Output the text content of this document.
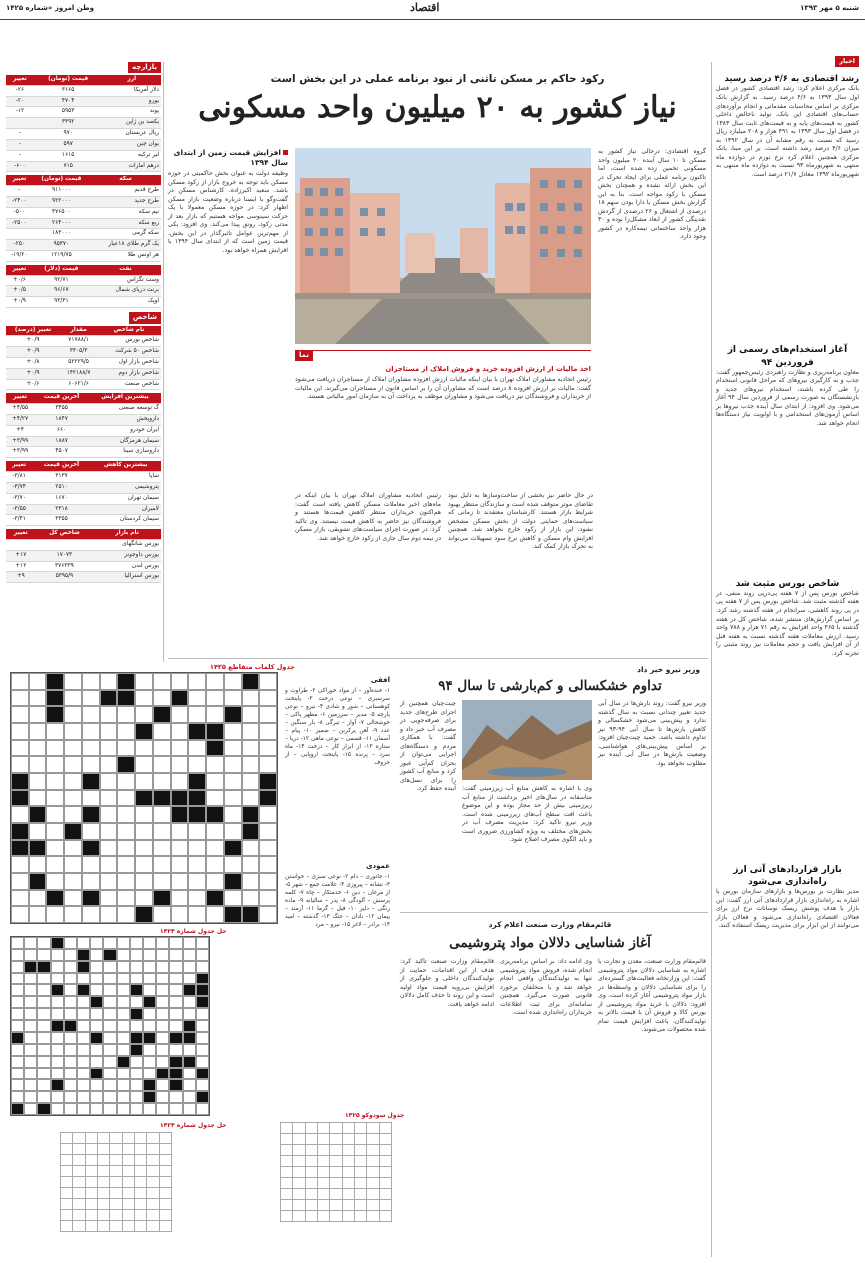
شنبه ۵ مهر ۱۳۹۳
اقتصاد
وطن امروز «شماره ۱۴۲۵
اخبار
رشد اقتصادی به ۴/۶ درصد رسید
بانک مرکزی اعلام کرد: رشد اقتصادی کشور در فصل اول سال ۱۳۹۳ به ۴/۶ درصد رسید. به گزارش بانک مرکزی بر اساس محاسبات مقدماتی و انجام برآوردهای حساب‌های اقتصادی این بانک، تولید ناخالص داخلی کشور به قیمت‌های پایه و به قیمت‌های ثابت سال ۱۳۸۳ در فصل اول سال ۱۳۹۳ به ۴۹۱ هزار و ۲۰۸ میلیارد ریال رسید که نسبت به رقم مشابه آن در سال ۱۳۹۲ به میزان ۴/۶ درصد رشد داشته است. بر این مبنا، بانک مرکزی همچنین اعلام کرد نرخ تورم در دوازده ماه منتهی به شهریورماه ۹۳ نسبت به دوازده ماه منتهی به شهریورماه ۱۳۹۲ معادل ۲۱/۷ درصد است.
آغاز استخدام‌های رسمی از فروردین ۹۴
معاون برنامه‌ریزی و نظارت راهبردی رئیس‌جمهور گفت: جذب و به کارگیری نیروهای که مراحل قانونی استخدام را طی کرده باشند، استخدام نیروهای جدید و بازنشستگان به صورت رسمی از فروردین سال ۹۴ آغاز می‌شود. وی افزود: از ابتدای سال آینده جذب نیروها بر اساس آزمون‌های استخدامی و با اولویت نیاز دستگاه‌ها انجام خواهد شد.
شاخص بورس مثبت شد
شاخص بورس پس از ۷ هفته پی‌درپی روند منفی، در هفته گذشته مثبت شد. شاخص بورس پس از ۷ هفته پی در پی روند کاهشی، سرانجام در هفته گذشته رشد کرد. بر اساس گزارش‌های منتشر شده، شاخص کل در هفته گذشته با ۴۶۵ واحد افزایش به رقم ۷۱ هزار و ۷۸۸ واحد رسید. ارزش معاملات هفته گذشته نسبت به هفته قبل از آن افزایش یافت و حجم معاملات نیز روند مثبتی را تجربه کرد.
بازار قراردادهای آتی ارز راه‌اندازی می‌شود
مدیر نظارت بر بورس‌ها و بازارهای سازمان بورس با اشاره به راه‌اندازی بازار قراردادهای آتی ارز گفت: این بازار با هدف پوشش ریسک نوسانات نرخ ارز برای فعالان اقتصادی راه‌اندازی می‌شود و فعالان بازار می‌توانند از این ابزار برای مدیریت ریسک استفاده کنند.
رکود حاکم بر مسکن تاثنی از نبود برنامه عملی در این بخش است
نیاز کشور به ۲۰ میلیون واحد مسکونی
گروه اقتصادی: درحالی نیاز کشور به مسکن تا ۱۰ سال آینده ۲۰ میلیون واحد مسکونی تخمین زده شده است، اما تاکنون برنامه عملی برای ایجاد تحرک در این بخش ارائه نشده و همچنان بخش مسکن با رکود مواجه است. بنا به این گزارش بخش مسکن با دارا بودن سهم ۱۸ درصدی از اشتغال و ۲۶ درصدی از گردش نقدینگی کشور از ابعاد مشکل‌زا بوده و ۳۰ هزار واحد ساختمانی نیمه‌کاره در کشور وجود دارد.
افزایش قیمت زمین از ابتدای سال ۱۳۹۴
وظیفه دولت به عنوان بخش حاکمیتی در حوزه مسکن باید توجه به خروج بازار از رکود مسکن باشد. سعید اکبرزاده، کارشناس مسکن در گفت‌وگو با ایسنا درباره وضعیت بازار مسکن اظهار کرد: در حوزه مسکن معمولا با یک حرکت سینوسی مواجه هستیم که بازار بعد از مدتی رکود، رونق پیدا می‌کند. وی افزود: یکی از مهم‌ترین عوامل تاثیرگذار در این بخش، قیمت زمین است که از ابتدای سال ۱۳۹۴ با افزایش همراه خواهد بود.
نما
اخذ مالیات از ارزش افزوده خرید و فروش املاک از مستاجران
رئیس اتحادیه مشاوران املاک تهران با بیان اینکه مالیات ارزش افزوده مشاوران املاک از مستاجران دریافت می‌شود گفت: مالیات بر ارزش افزوده ۸ درصد است که مشاوران آن را بر اساس قانون از مستاجران می‌گیرند. این مالیات از خریداران و فروشندگان نیز دریافت می‌شود و مشاوران موظف به پرداخت آن به سازمان امور مالیاتی هستند.
رئیس اتحادیه مشاوران املاک تهران با بیان اینکه در ماه‌های اخیر معاملات مسکن کاهش یافته است گفت: هم‌اکنون خریداران منتظر کاهش قیمت‌ها هستند و فروشندگان نیز حاضر به کاهش قیمت نیستند. وی تاکید کرد: در صورت اجرای سیاست‌های تشویقی، بازار مسکن در نیمه دوم سال جاری از رکود خارج خواهد شد.
در حال حاضر نیز بخشی از ساخت‌وسازها به دلیل نبود تقاضای موثر متوقف شده است و سازندگان منتظر بهبود شرایط بازار هستند. کارشناسان معتقدند تا زمانی که سیاست‌های حمایتی دولت از بخش مسکن مشخص نشود، این بازار از رکود خارج نخواهد شد. همچنین افزایش وام مسکن و کاهش نرخ سود تسهیلات می‌تواند به تحرک بازار کمک کند.
وزیر نیرو خبر داد
تداوم خشکسالی و کم‌بارشی تا سال ۹۴
وزیر نیرو گفت: روند بارش‌ها در سال آبی جدید تغییر چندانی نسبت به سال گذشته ندارد و پیش‌بینی می‌شود خشکسالی و کاهش بارش‌ها تا سال آبی ۹۴-۹۳ نیز تداوم داشته باشد. حمید چیت‌چیان افزود: بر اساس پیش‌بینی‌های هواشناسی، وضعیت بارش‌ها در سال آبی آینده نیز مطلوب نخواهد بود.
وی با اشاره به کاهش منابع آب زیرزمینی گفت: متاسفانه در سال‌های اخیر برداشت از منابع آب زیرزمینی بیش از حد مجاز بوده و این موضوع باعث افت سطح آب‌های زیرزمینی شده است. وزیر نیرو تاکید کرد: مدیریت مصرف آب در بخش‌های مختلف به ویژه کشاورزی ضروری است و باید الگوی مصرف اصلاح شود.
چیت‌چیان همچنین از اجرای طرح‌های جدید برای صرفه‌جویی در مصرف آب خبر داد و گفت: با همکاری مردم و دستگاه‌های اجرایی می‌توان از بحران کم‌آبی عبور کرد و منابع آب کشور را برای نسل‌های آینده حفظ کرد.
قائم‌مقام وزارت صنعت اعلام کرد
آغاز شناسایی دلالان مواد پتروشیمی
قائم‌مقام وزارت صنعت، معدن و تجارت با اشاره به شناسایی دلالان مواد پتروشیمی گفت: این وزارتخانه فعالیت‌های گسترده‌ای را برای شناسایی دلالان و واسطه‌ها در بازار مواد پتروشیمی آغاز کرده است. وی افزود: دلالان با خرید مواد پتروشیمی از بورس کالا و فروش آن با قیمت بالاتر به تولیدکنندگان، باعث افزایش قیمت تمام شده محصولات می‌شوند.
وی ادامه داد: بر اساس برنامه‌ریزی انجام شده، فروش مواد پتروشیمی تنها به تولیدکنندگان واقعی انجام خواهد شد و با متخلفان برخورد قانونی صورت می‌گیرد. همچنین سامانه‌ای برای ثبت اطلاعات خریداران راه‌اندازی شده است.
قائم‌مقام وزارت صنعت تاکید کرد: هدف از این اقدامات، حمایت از تولیدکنندگان داخلی و جلوگیری از افزایش بی‌رویه قیمت مواد اولیه است و این روند تا حذف کامل دلالان ادامه خواهد یافت.
بازارچه
ارز	قیمت (تومان)	تغییر
دلار آمریکا	۳۶۶۵	-۲۶
یورو	۴۷۰۴	-۲۰
پوند	۵۹۵۳	-۱۲
یکصد ین ژاپن	۳۳۹۲	
ریال عربستان	۹۷۰	-
یوان چین	۵۹۷	-
لیر ترکیه	۱۶۱۵	-
درهم امارات	۷۱۵	-۶۰۰
سکه	قیمت (تومان)	تغییر
طرح قدیم	۹۱۱۰۰۰	-
طرح جدید	۹۲۲۰۰۰	-۲۴۰۰
نیم سکه	۴۷۶۵۰۰	-۵۰۰
ربع سکه	۲۶۴۰۰۰	-۲۵۰۰
سکه گرمی	۱۸۳۰۰۰	
یک گرم طلای ۱۸عیار	۹۵۳۷۰	-۲۵۰
هر اونس طلا	۱۲۱۹/۷۵	-۱۹/۲۰
نفت	قیمت (دلار)	تغییر
وست تگزاس	۹۲/۷۱	+۰/۶
برنت دریای شمال	۹۶/۶۷	+۰/۵
اوپک	۹۳/۳۱	+۰/۹
شاخص
نام شاخص	مقدار	تغییر (درصد)
شاخص بورس	۷۱۷۸۸/۱	+۰/۹
شاخص ۵۰ شرکت	۳۳۰۵/۳	+۰/۹
شاخص بازار اول	۵۲۲۲۹/۵	+۰/۸
شاخص بازار دوم	۱۴۲۱۸۸/۷	+۰/۹
شاخص صنعت	۶۰۶۲۱/۶	+۰/۶
بیشترین افزایش	آخرین قیمت	تغییر
گ توسعه صنعتی	۳۴۵۵	+۴/۵۵
داروپخش	۱۸۴۷	+۴/۲۷
ایران خودرو	۶۶۰	+۴
سیمان هرمزگان	۱۸۸۷	+۳/۹۹
داروسازی سینا	۴۵۰۷	+۳/۹۹
بیشترین کاهش	آخرین قیمت	تغییر
ساپا	۳۱۳۷	-۳/۸۱
پتروشیمی	۲۵۱۰	-۳/۷۴
سیمان تهران	۱۶۷۰	-۳/۷۰
لامیران	۲۳۱۸	-۳/۵۵
سیمان کردستان	۳۳۵۵	-۳/۴۱
نام بازار	شاخص کل	تغییر
بورس شانگهای		
بورس داوجونز	۱۷۰۷۳	+۱۷
بورس لندن	۳۷۶۳۳۹	+۱۲
بورس استرالیا	۵۳۹۵/۹	+۹
جدول کلمات متقاطع ۱۴۲۵
افقی
۱- خنده‌آور – از مواد خوراکی ۲- طراوت و سرسبزی – نوعی درخت ۳- پایتخت کوهستانی – شور و شادی ۴- نیرو – نوعی پارچه ۵- مدیر – سرزمین ۶- مظهر پاکی – خوشحالی ۷- آواز – تیرگی ۸- بار سنگین – عدد ۹- آهن پرکربن – ضمیر ۱۰- پیام – آسمان ۱۱- قسمی – نوعی ماهی ۱۲- دریا – ستاره ۱۳- از ابزار کار – درخت ۱۴- ماه سرد – پرنده ۱۵- پایتخت اروپایی – از حروف
عمودی
۱- جانوری – دام ۲- نوعی سبزی – خواستن ۳- نشانه – پیروزی ۴- علامت جمع – شهر ۵- از مرغان – دین ۶- خدمتکار – چاه ۷- کلمه پرسش – آلودگی ۸- پدر – سالیانه ۹- ماده رنگی – دلیر ۱۰- فیل – گرما ۱۱- آزمند – پیمان ۱۲- نادان – جنگ ۱۳- گذشته – امید ۱۴- برادر – لاغر ۱۵- نیرو – مرد
حل جدول شماره ۱۴۲۴
جدول سودوکو ۱۴۲۵

حل جدول شماره ۱۴۲۴
